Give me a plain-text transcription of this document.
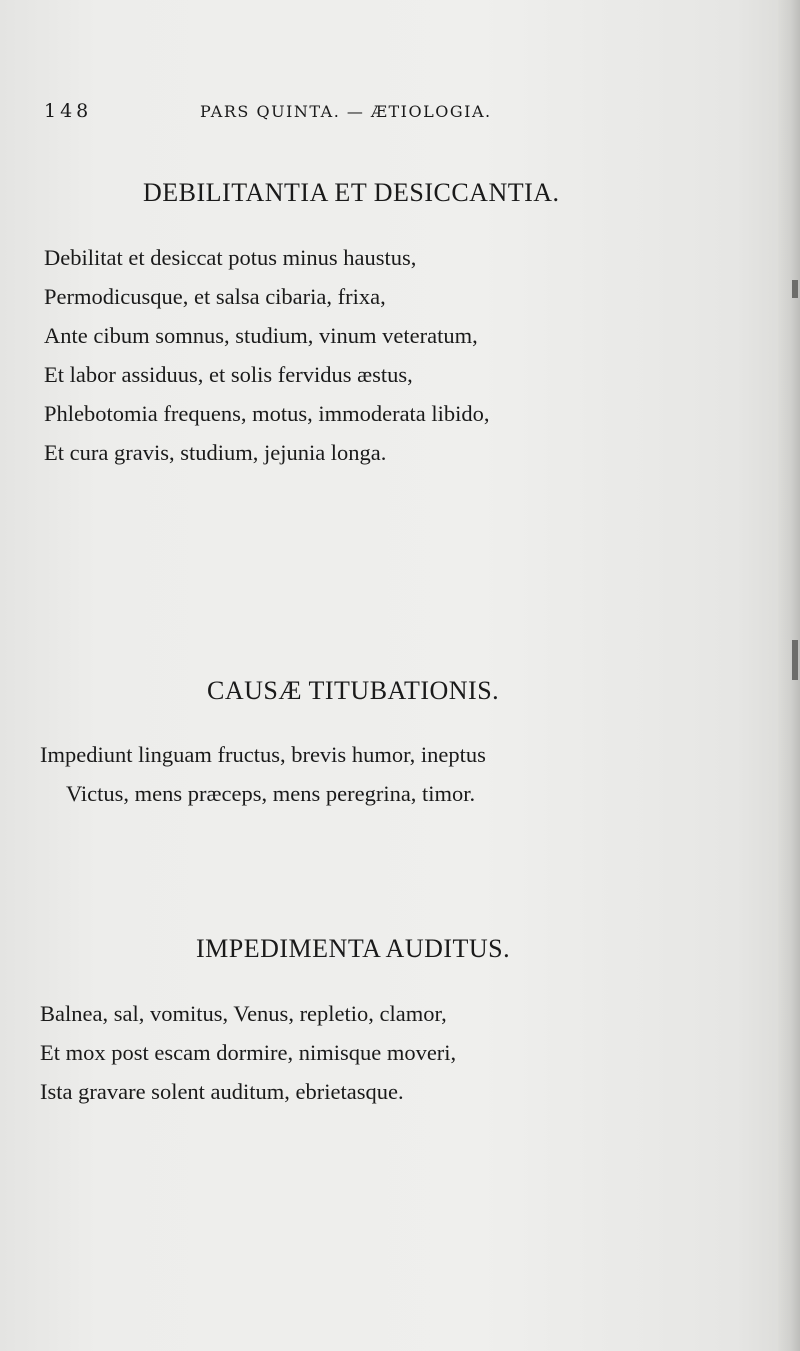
148	PARS QUINTA. — ÆTIOLOGIA.
DEBILITANTIA ET DESICCANTIA.
Debilitat et desiccat potus minus haustus,
Permodicusque, et salsa cibaria, frixa,
Ante cibum somnus, studium, vinum veteratum,
Et labor assiduus, et solis fervidus æstus,
Phlebotomia frequens, motus, immoderata libido,
Et cura gravis, studium, jejunia longa.
CAUSÆ TITUBATIONIS.
Impediunt linguam fructus, brevis humor, ineptus
Victus, mens præceps, mens peregrina, timor.
IMPEDIMENTA AUDITUS.
Balnea, sal, vomitus, Venus, repletio, clamor,
Et mox post escam dormire, nimisque moveri,
Ista gravare solent auditum, ebrietasque.
